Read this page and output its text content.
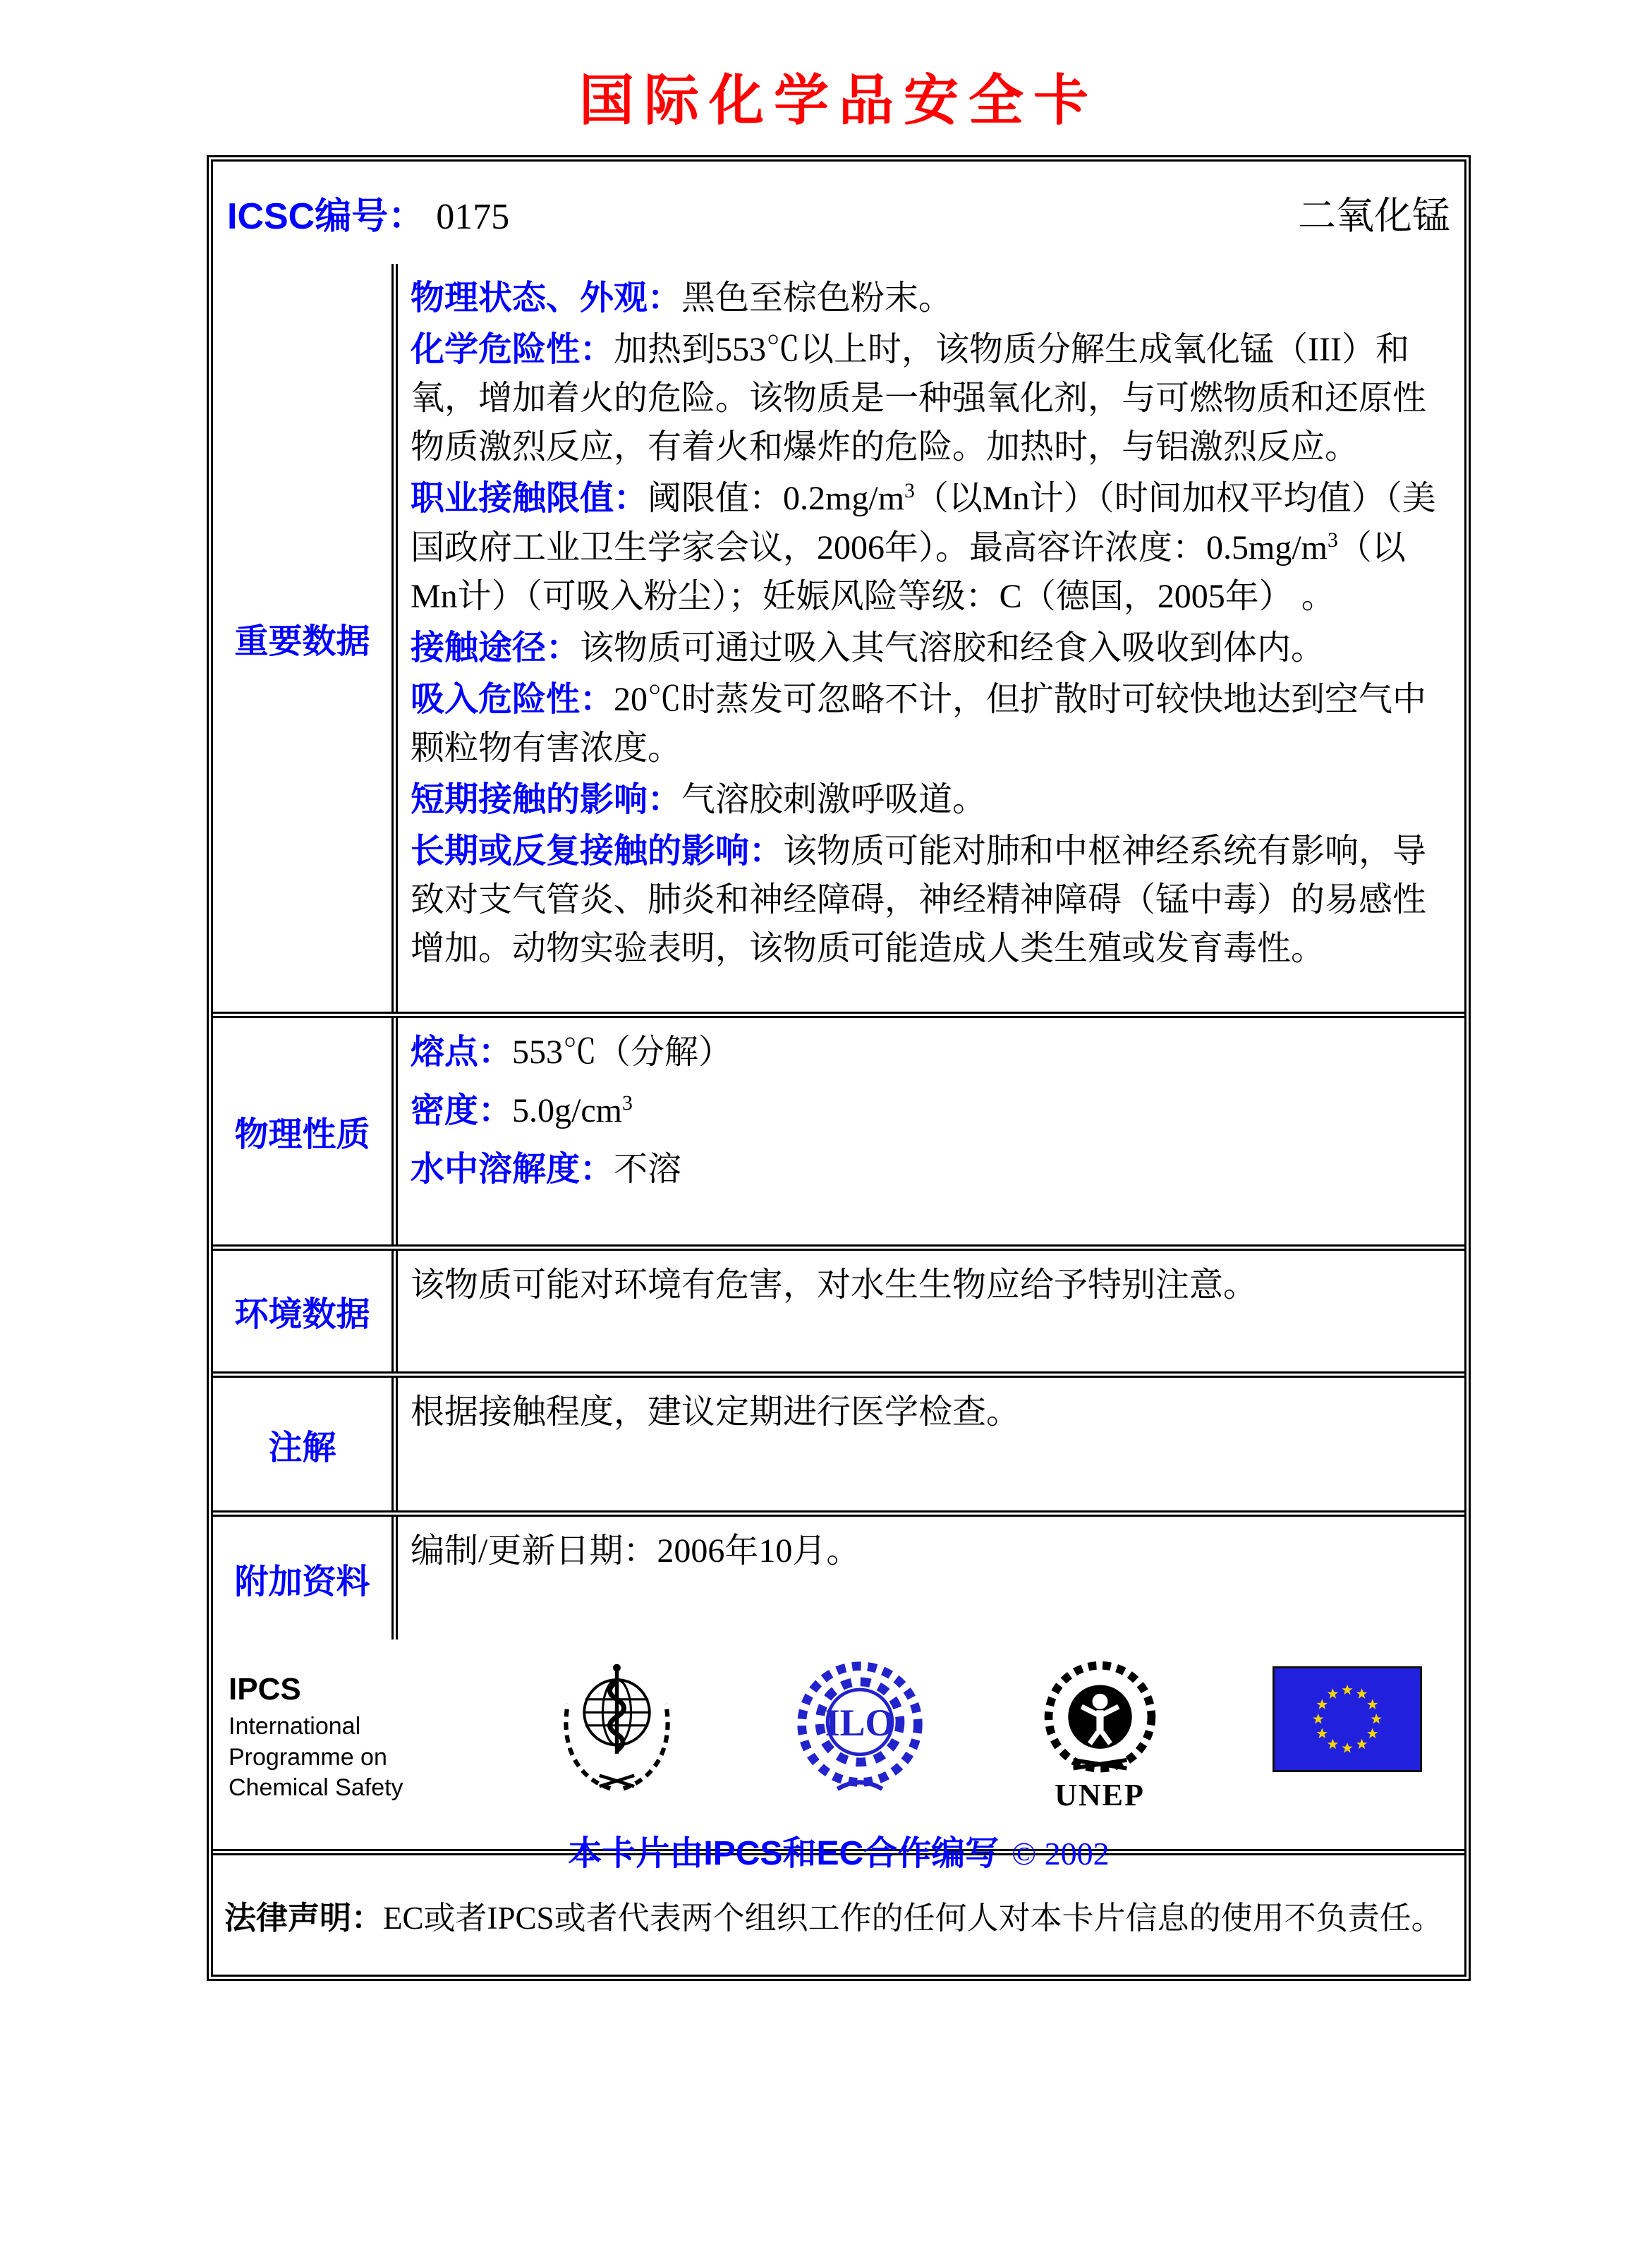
国际化学品安全卡
ICSC编号： 0175	二氧化锰
重要数据
物理状态、外观：黑色至棕色粉末。
化学危险性：加热到553℃以上时，该物质分解生成氧化锰（III）和氧，增加着火的危险。该物质是一种强氧化剂，与可燃物质和还原性物质激烈反应，有着火和爆炸的危险。加热时，与铝激烈反应。
职业接触限值：阈限值：$0.2mg/m^3$（以Mn计）（时间加权平均值）（美国政府工业卫生学家会议，2006年）。最高容许浓度：$0.5mg/m^3$（以Mn计）（可吸入粉尘）；妊娠风险等级：C（德国，2005年） 。
接触途径：该物质可通过吸入其气溶胶和经食入吸收到体内。
吸入危险性：20℃时蒸发可忽略不计，但扩散时可较快地达到空气中颗粒物有害浓度。
短期接触的影响：气溶胶刺激呼吸道。
长期或反复接触的影响：该物质可能对肺和中枢神经系统有影响，导致对支气管炎、肺炎和神经障碍，神经精神障碍（锰中毒）的易感性增加。动物实验表明，该物质可能造成人类生殖或发育毒性。
物理性质
熔点：553℃（分解）
密度：$5.0g/cm^3$
水中溶解度：不溶
环境数据
该物质可能对环境有危害，对水生生物应给予特别注意。
注解
根据接触程度，建议定期进行医学检查。
附加资料
编制/更新日期：2006年10月。
IPCS
International Programme on Chemical Safety
ILO
UNEP
本卡片由IPCS和EC合作编写 © 2002
法律声明：EC或者IPCS或者代表两个组织工作的任何人对本卡片信息的使用不负责任。
